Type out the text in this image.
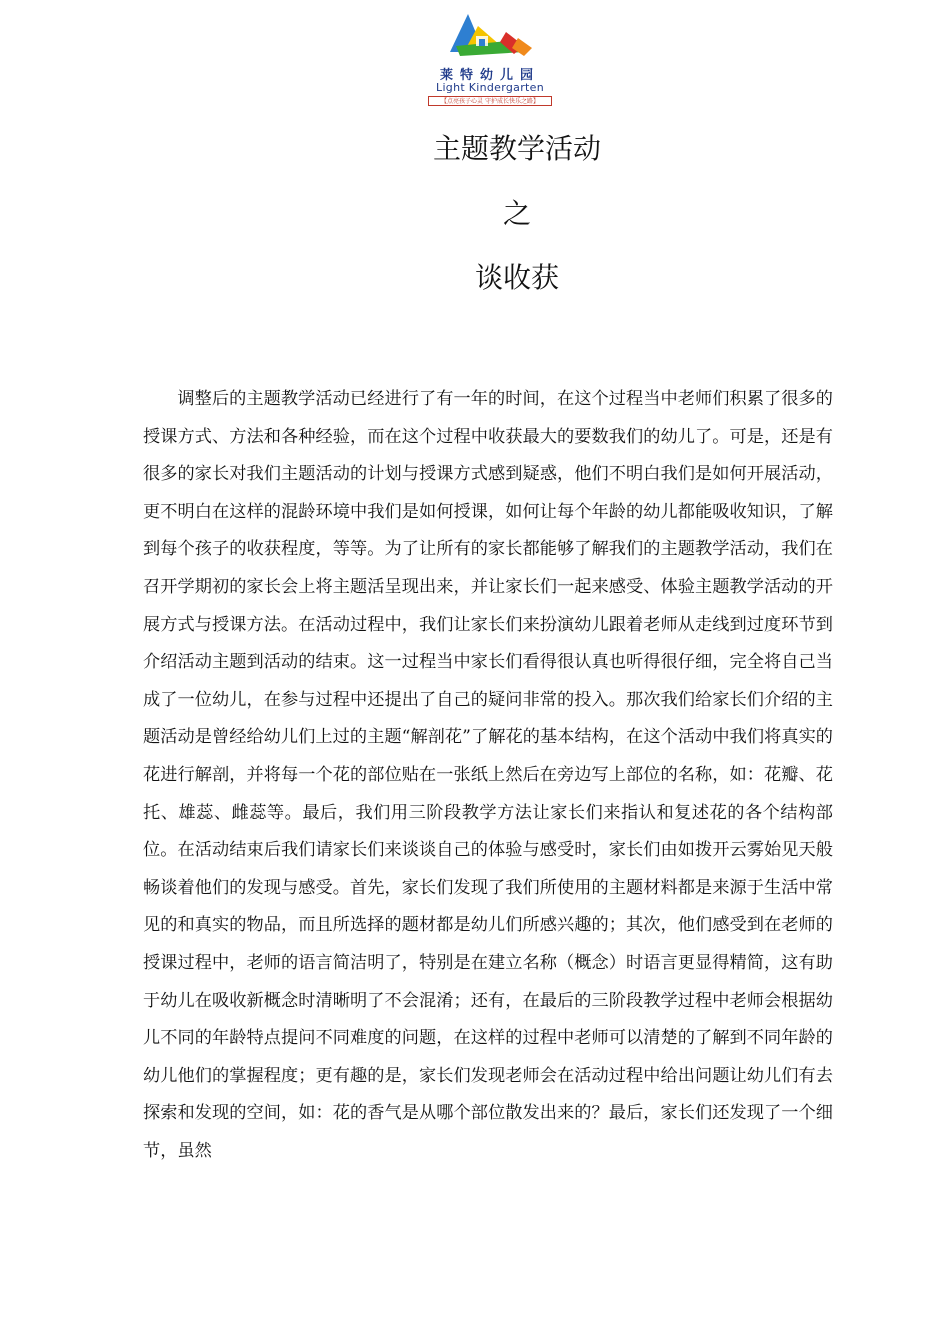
莱特幼儿园
Light Kindergarten
【点亮孩子心灵 守护成长快乐之路】
主题教学活动
之
谈收获

调整后的主题教学活动已经进行了有一年的时间，在这个过程当中老师们积累了很多的授课方式、方法和各种经验，而在这个过程中收获最大的要数我们的幼儿了。可是，还是有很多的家长对我们主题活动的计划与授课方式感到疑惑，他们不明白我们是如何开展活动，更不明白在这样的混龄环境中我们是如何授课，如何让每个年龄的幼儿都能吸收知识，了解到每个孩子的收获程度，等等。为了让所有的家长都能够了解我们的主题教学活动，我们在召开学期初的家长会上将主题活呈现出来，并让家长们一起来感受、体验主题教学活动的开展方式与授课方法。在活动过程中，我们让家长们来扮演幼儿跟着老师从走线到过度环节到介绍活动主题到活动的结束。这一过程当中家长们看得很认真也听得很仔细，完全将自己当成了一位幼儿，在参与过程中还提出了自己的疑问非常的投入。那次我们给家长们介绍的主题活动是曾经给幼儿们上过的主题“解剖花”了解花的基本结构，在这个活动中我们将真实的花进行解剖，并将每一个花的部位贴在一张纸上然后在旁边写上部位的名称，如：花瓣、花托、雄蕊、雌蕊等。最后，我们用三阶段教学方法让家长们来指认和复述花的各个结构部位。在活动结束后我们请家长们来谈谈自己的体验与感受时，家长们由如拨开云雾始见天般畅谈着他们的发现与感受。首先，家长们发现了我们所使用的主题材料都是来源于生活中常见的和真实的物品，而且所选择的题材都是幼儿们所感兴趣的；其次，他们感受到在老师的授课过程中，老师的语言简洁明了，特别是在建立名称（概念）时语言更显得精简，这有助于幼儿在吸收新概念时清晰明了不会混淆；还有，在最后的三阶段教学过程中老师会根据幼儿不同的年龄特点提问不同难度的问题，在这样的过程中老师可以清楚的了解到不同年龄的幼儿他们的掌握程度；更有趣的是，家长们发现老师会在活动过程中给出问题让幼儿们有去探索和发现的空间，如：花的香气是从哪个部位散发出来的？最后，家长们还发现了一个细节，虽然
